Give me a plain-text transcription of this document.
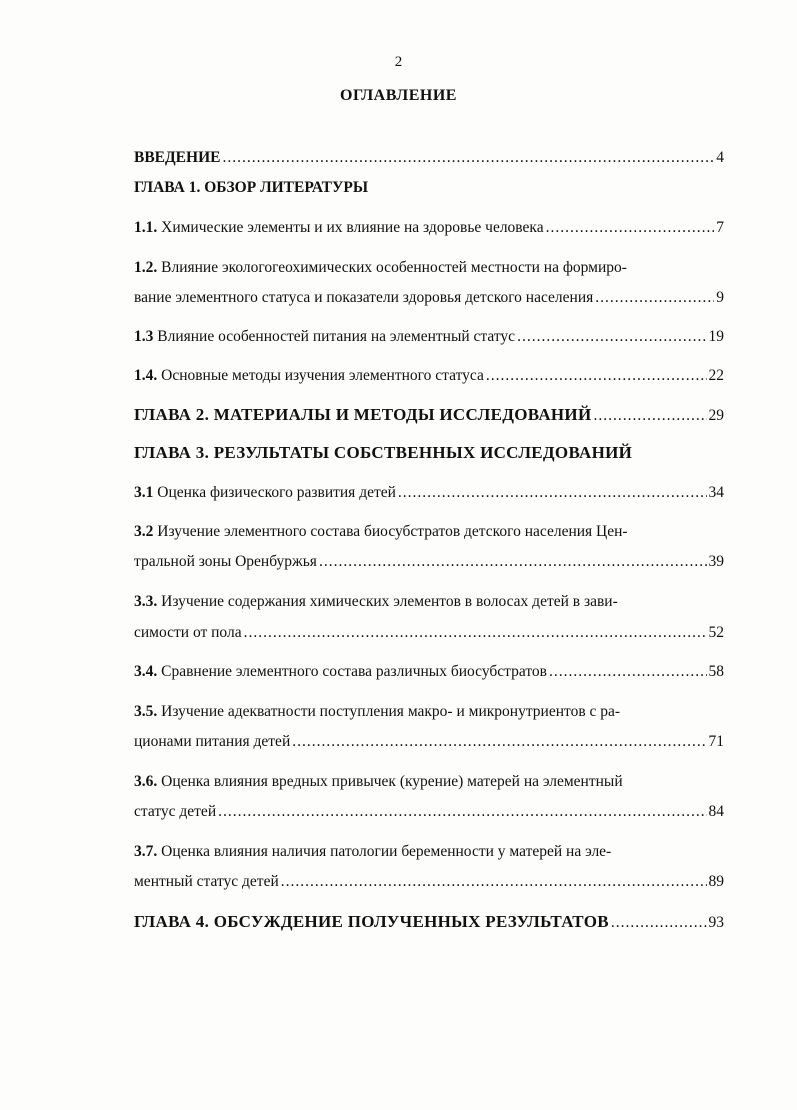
2
ОГЛАВЛЕНИЕ
ВВЕДЕНИЕ .....	4
ГЛАВА 1. ОБЗОР ЛИТЕРАТУРЫ
1.1.
Химические элементы и их влияние на здоровье человека .....	7
1.2.
Влияние экологогеохимических особенностей местности на формиро-
вание элементного статуса и показатели здоровья детского населения .....	9
1.3
Влияние особенностей питания на элементный статус .....	19
1.4.
Основные методы изучения элементного статуса .....	22
ГЛАВА 2. МАТЕРИАЛЫ И МЕТОДЫ ИССЛЕДОВАНИЙ .....	29
ГЛАВА 3. РЕЗУЛЬТАТЫ СОБСТВЕННЫХ ИССЛЕДОВАНИЙ
3.1
Оценка физического развития детей .....	34
3.2
Изучение элементного состава биосубстратов детского населения Цен-
тральной зоны Оренбуржья .....	39
3.3.
Изучение содержания химических элементов в волосах детей в зави-
симости от пола .....	52
3.4.
Сравнение элементного состава различных биосубстратов .....	58
3.5.
Изучение адекватности поступления макро- и микронутриентов с ра-
ционами питания детей .....	71
3.6.
Оценка влияния вредных привычек (курение) матерей на элементный
статус детей .....	84
3.7.
Оценка влияния наличия патологии беременности у матерей на эле-
ментный статус детей .....	89
ГЛАВА 4. ОБСУЖДЕНИЕ ПОЛУЧЕННЫХ РЕЗУЛЬТАТОВ .....	93
